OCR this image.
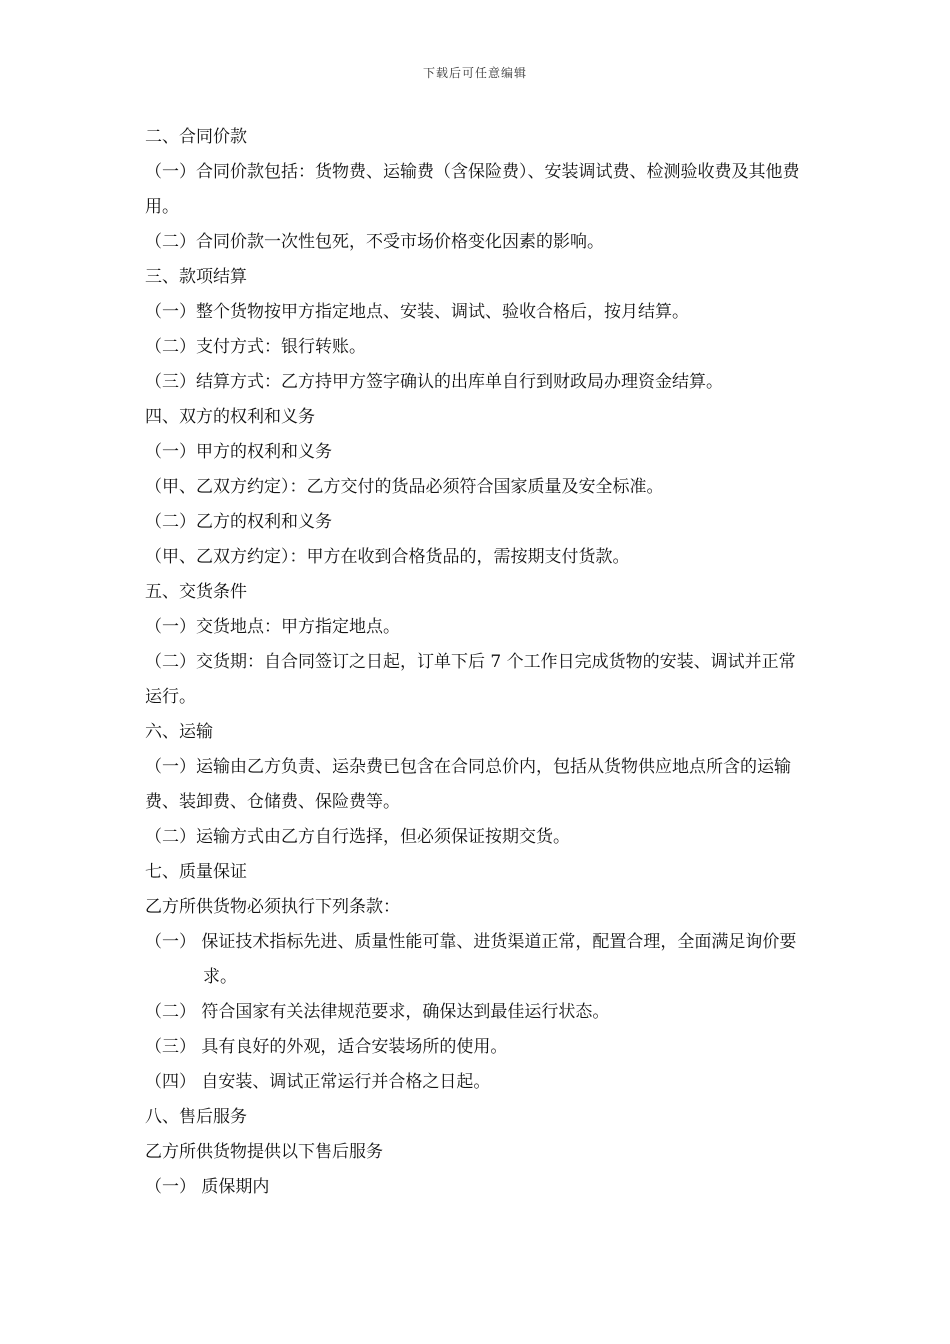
下载后可任意编辑
二、合同价款
（一）合同价款包括：货物费、运输费（含保险费）、安装调试费、检测验收费及其他费用。
（二）合同价款一次性包死，不受市场价格变化因素的影响。
三、款项结算
（一）整个货物按甲方指定地点、安装、调试、验收合格后，按月结算。
（二）支付方式：银行转账。
（三）结算方式：乙方持甲方签字确认的出库单自行到财政局办理资金结算。
四、双方的权利和义务
（一）甲方的权利和义务
（甲、乙双方约定）：乙方交付的货品必须符合国家质量及安全标准。
（二）乙方的权利和义务
（甲、乙双方约定）：甲方在收到合格货品的，需按期支付货款。
五、交货条件
（一）交货地点：甲方指定地点。
（二）交货期：自合同签订之日起，订单下后 7 个工作日完成货物的安装、调试并正常运行。
六、运输
（一）运输由乙方负责、运杂费已包含在合同总价内，包括从货物供应地点所含的运输费、装卸费、仓储费、保险费等。
（二）运输方式由乙方自行选择，但必须保证按期交货。
七、质量保证
乙方所供货物必须执行下列条款：
（一） 保证技术指标先进、质量性能可靠、进货渠道正常，配置合理，全面满足询价要求。
（二） 符合国家有关法律规范要求，确保达到最佳运行状态。
（三） 具有良好的外观，适合安装场所的使用。
（四） 自安装、调试正常运行并合格之日起。
八、售后服务
乙方所供货物提供以下售后服务
（一） 质保期内
